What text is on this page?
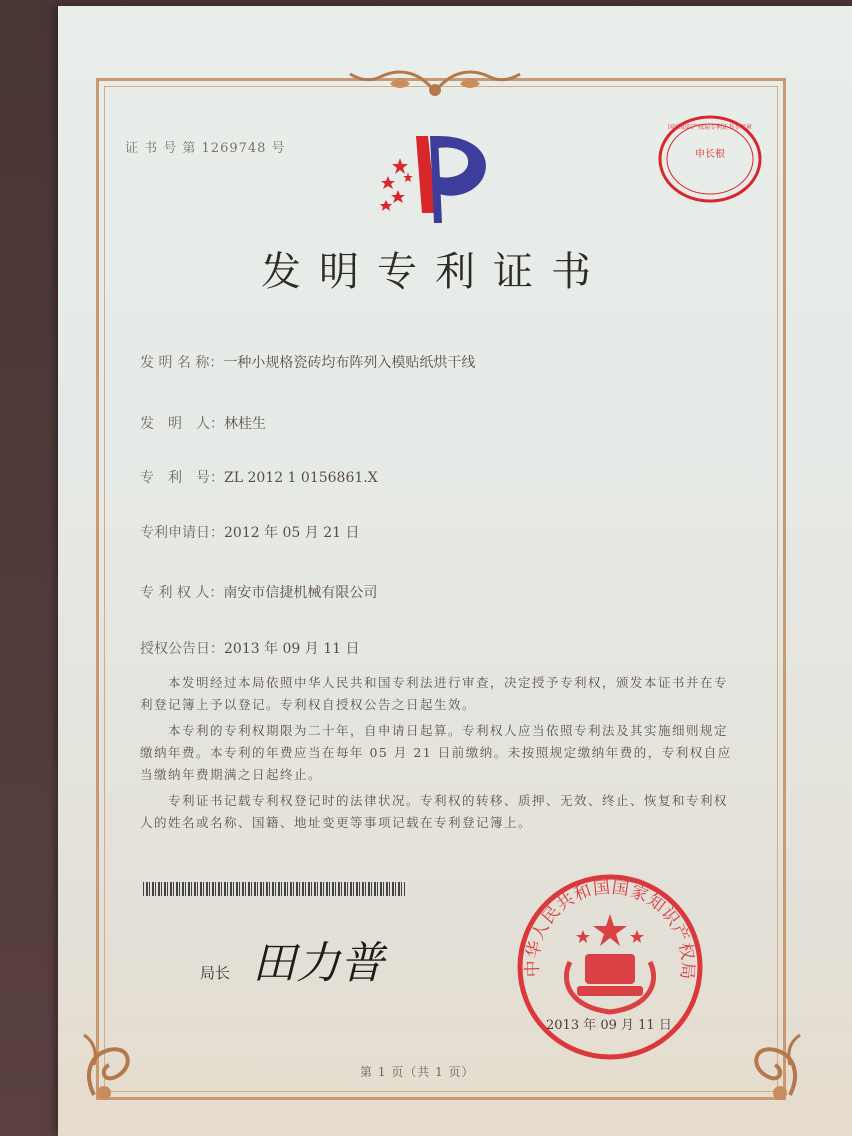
证 书 号 第 1269748 号	申长根
国家知识产权局专利证书专用章
发明专利证书
发 明 名 称：一种小规格瓷砖均布阵列入模贴纸烘干线
发　明　人：林桂生
专　利　号：ZL 2012 1 0156861.X
专利申请日：2012 年 05 月 21 日
专 利 权 人：南安市信捷机械有限公司
授权公告日：2013 年 09 月 11 日
　　本发明经过本局依照中华人民共和国专利法进行审查，决定授予专利权，颁发本证书并在专利登记簿上予以登记。专利权自授权公告之日起生效。
　　本专利的专利权期限为二十年，自申请日起算。专利权人应当依照专利法及其实施细则规定缴纳年费。本专利的年费应当在每年 05 月 21 日前缴纳。未按照规定缴纳年费的，专利权自应当缴纳年费期满之日起终止。
　　专利证书记载专利权登记时的法律状况。专利权的转移、质押、无效、终止、恢复和专利权人的姓名或名称、国籍、地址变更等事项记载在专利登记簿上。
局长 田力普	中华人民共和国国家知识产权局
2013 年 09 月 11 日
第 1 页（共 1 页）
